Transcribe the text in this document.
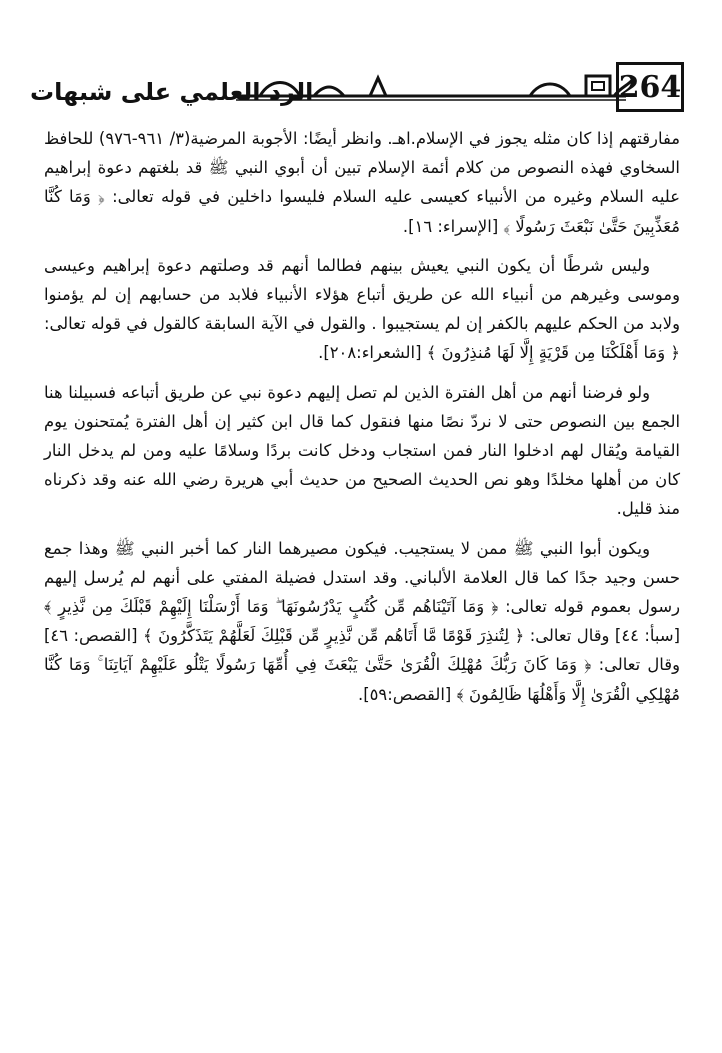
الرد العلمي على شبهات	264

مفارقتهم إذا كان مثله يجوز في الإسلام.اهـ. وانظر أيضًا: الأجوبة المرضية(٣/ ٩٦١-٩٧٦) للحافظ السخاوي فهذه النصوص من كلام أئمة الإسلام تبين أن أبوي النبي ﷺ قد بلغتهم دعوة إبراهيم عليه السلام وغيره من الأنبياء كعيسى عليه السلام فليسوا داخلين في قوله تعالى: ﴿ وَمَا كُنَّا مُعَذِّبِينَ حَتَّىٰ نَبْعَثَ رَسُولًا ﴾ [الإسراء: ١٦].

وليس شرطًا أن يكون النبي يعيش بينهم فطالما أنهم قد وصلتهم دعوة إبراهيم وعيسى وموسى وغيرهم من أنبياء الله عن طريق أتباع هؤلاء الأنبياء فلابد من حسابهم إن لم يؤمنوا ولابد من الحكم عليهم بالكفر إن لم يستجيبوا . والقول في الآية السابقة كالقول في قوله تعالى: ﴿ وَمَا أَهْلَكْنَا مِن قَرْيَةٍ إِلَّا لَهَا مُنذِرُونَ ﴾ [الشعراء:٢٠٨].

ولو فرضنا أنهم من أهل الفترة الذين لم تصل إليهم دعوة نبي عن طريق أتباعه فسبيلنا هنا الجمع بين النصوص حتى لا نردّ نصًا منها فنقول كما قال ابن كثير إن أهل الفترة يُمتحنون يوم القيامة ويُقال لهم ادخلوا النار فمن استجاب ودخل كانت بردًا وسلامًا عليه ومن لم يدخل النار كان من أهلها مخلدًا وهو نص الحديث الصحيح من حديث أبي هريرة رضي الله عنه وقد ذكرناه منذ قليل.

ويكون أبوا النبي ﷺ ممن لا يستجيب. فيكون مصيرهما النار كما أخبر النبي ﷺ وهذا جمع حسن وجيد جدًا كما قال العلامة الألباني. وقد استدل فضيلة المفتي على أنهم لم يُرسل إليهم رسول بعموم قوله تعالى: ﴿ وَمَا آتَيْنَاهُم مِّن كُتُبٍ يَدْرُسُونَهَا ۖ وَمَا أَرْسَلْنَا إِلَيْهِمْ قَبْلَكَ مِن نَّذِيرٍ ﴾ [سبأ: ٤٤] وقال تعالى: ﴿ لِتُنذِرَ قَوْمًا مَّا أَتَاهُم مِّن نَّذِيرٍ مِّن قَبْلِكَ لَعَلَّهُمْ يَتَذَكَّرُونَ ﴾ [القصص: ٤٦] وقال تعالى: ﴿ وَمَا كَانَ رَبُّكَ مُهْلِكَ الْقُرَىٰ حَتَّىٰ يَبْعَثَ فِي أُمِّهَا رَسُولًا يَتْلُو عَلَيْهِمْ آيَاتِنَا ۚ وَمَا كُنَّا مُهْلِكِي الْقُرَىٰ إِلَّا وَأَهْلُهَا ظَالِمُونَ ﴾ [القصص:٥٩].
